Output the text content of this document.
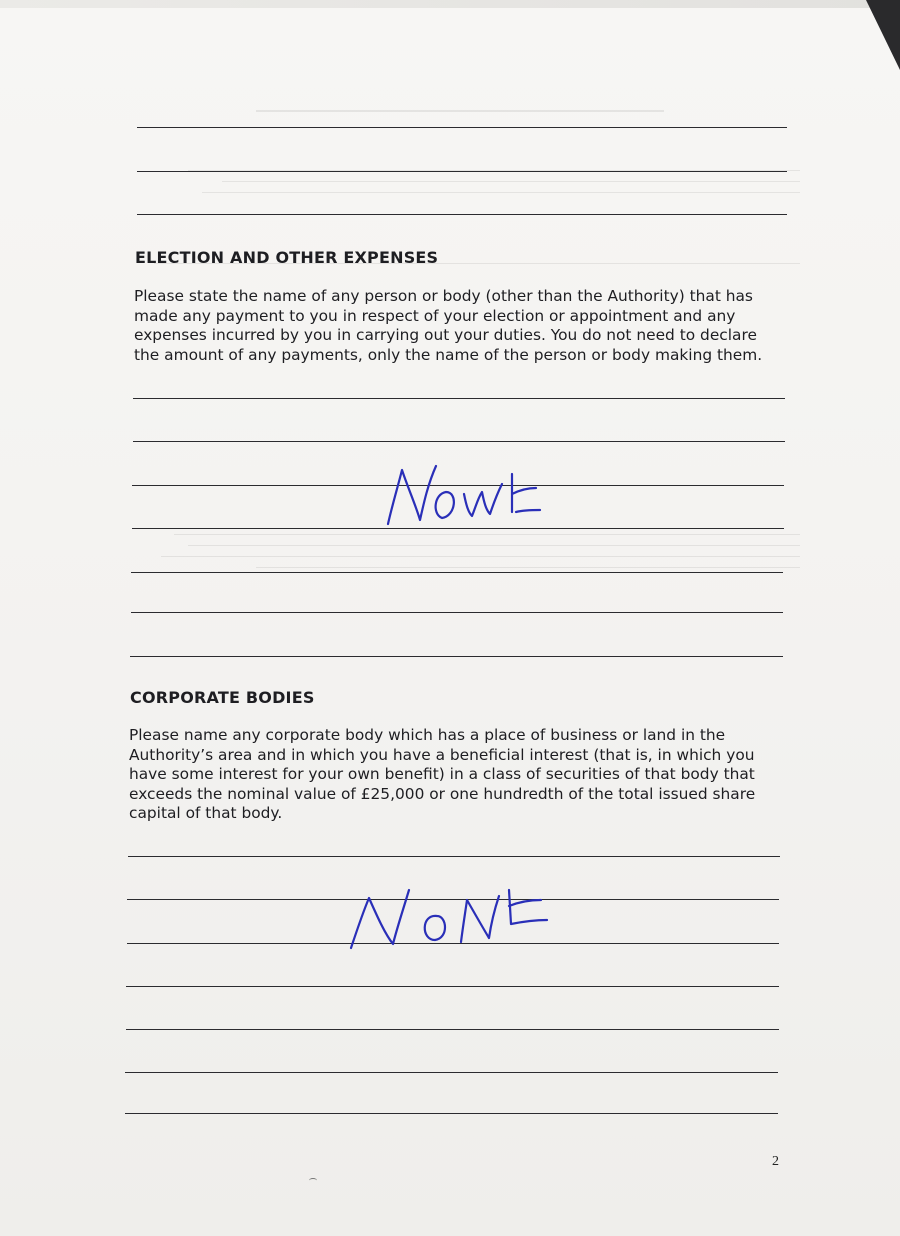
ELECTION AND OTHER EXPENSES

Please state the name of any person or body (other than the Authority) that has made any payment to you in respect of your election or appointment and any expenses incurred by you in carrying out your duties. You do not need to declare the amount of any payments, only the name of the person or body making them.

CORPORATE BODIES

Please name any corporate body which has a place of business or land in the Authority’s area and in which you have a beneficial interest (that is, in which you have some interest for your own benefit) in a class of securities of that body that exceeds the nominal value of £25,000 or one hundredth of the total issued share capital of that body.

2
